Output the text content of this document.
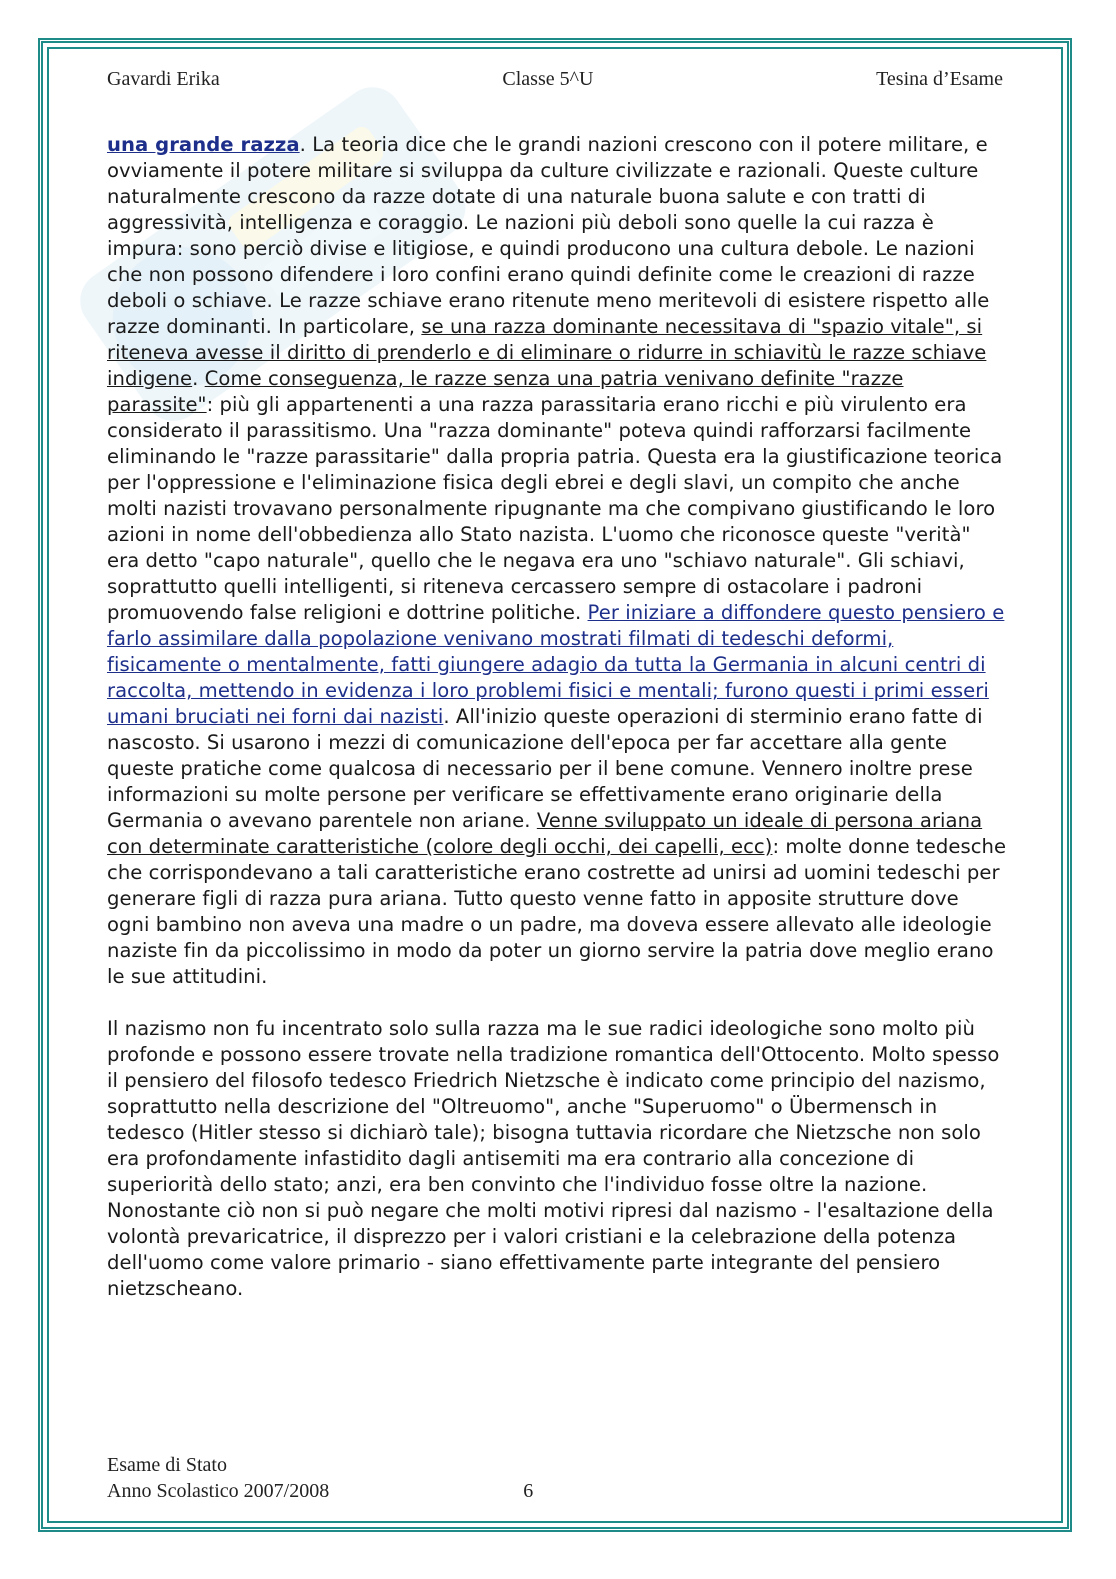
Gavardi Erika	Classe 5^U	Tesina d’Esame

una grande razza. La teoria dice che le grandi nazioni crescono con il potere militare, e ovviamente il potere militare si sviluppa da culture civilizzate e razionali. Queste culture naturalmente crescono da razze dotate di una naturale buona salute e con tratti di aggressività, intelligenza e coraggio. Le nazioni più deboli sono quelle la cui razza è impura: sono perciò divise e litigiose, e quindi producono una cultura debole. Le nazioni che non possono difendere i loro confini erano quindi definite come le creazioni di razze deboli o schiave. Le razze schiave erano ritenute meno meritevoli di esistere rispetto alle razze dominanti. In particolare, se una razza dominante necessitava di "spazio vitale", si riteneva avesse il diritto di prenderlo e di eliminare o ridurre in schiavitù le razze schiave indigene. Come conseguenza, le razze senza una patria venivano definite "razze parassite": più gli appartenenti a una razza parassitaria erano ricchi e più virulento era considerato il parassitismo. Una "razza dominante" poteva quindi rafforzarsi facilmente eliminando le "razze parassitarie" dalla propria patria. Questa era la giustificazione teorica per l'oppressione e l'eliminazione fisica degli ebrei e degli slavi, un compito che anche molti nazisti trovavano personalmente ripugnante ma che compivano giustificando le loro azioni in nome dell'obbedienza allo Stato nazista. L'uomo che riconosce queste "verità" era detto "capo naturale", quello che le negava era uno "schiavo naturale". Gli schiavi, soprattutto quelli intelligenti, si riteneva cercassero sempre di ostacolare i padroni promuovendo false religioni e dottrine politiche. Per iniziare a diffondere questo pensiero e farlo assimilare dalla popolazione venivano mostrati filmati di tedeschi deformi, fisicamente o mentalmente, fatti giungere adagio da tutta la Germania in alcuni centri di raccolta, mettendo in evidenza i loro problemi fisici e mentali; furono questi i primi esseri umani bruciati nei forni dai nazisti. All'inizio queste operazioni di sterminio erano fatte di nascosto. Si usarono i mezzi di comunicazione dell'epoca per far accettare alla gente queste pratiche come qualcosa di necessario per il bene comune. Vennero inoltre prese informazioni su molte persone per verificare se effettivamente erano originarie della Germania o avevano parentele non ariane. Venne sviluppato un ideale di persona ariana con determinate caratteristiche (colore degli occhi, dei capelli, ecc): molte donne tedesche che corrispondevano a tali caratteristiche erano costrette ad unirsi ad uomini tedeschi per generare figli di razza pura ariana. Tutto questo venne fatto in apposite strutture dove ogni bambino non aveva una madre o un padre, ma doveva essere allevato alle ideologie naziste fin da piccolissimo in modo da poter un giorno servire la patria dove meglio erano le sue attitudini.

Il nazismo non fu incentrato solo sulla razza ma le sue radici ideologiche sono molto più profonde e possono essere trovate nella tradizione romantica dell'Ottocento. Molto spesso il pensiero del filosofo tedesco Friedrich Nietzsche è indicato come principio del nazismo, soprattutto nella descrizione del "Oltreuomo", anche "Superuomo" o Übermensch in tedesco (Hitler stesso si dichiarò tale); bisogna tuttavia ricordare che Nietzsche non solo era profondamente infastidito dagli antisemiti ma era contrario alla concezione di superiorità dello stato; anzi, era ben convinto che l'individuo fosse oltre la nazione. Nonostante ciò non si può negare che molti motivi ripresi dal nazismo - l'esaltazione della volontà prevaricatrice, il disprezzo per i valori cristiani e la celebrazione della potenza dell'uomo come valore primario - siano effettivamente parte integrante del pensiero nietzscheano.

Esame di Stato
Anno Scolastico 2007/2008	6
